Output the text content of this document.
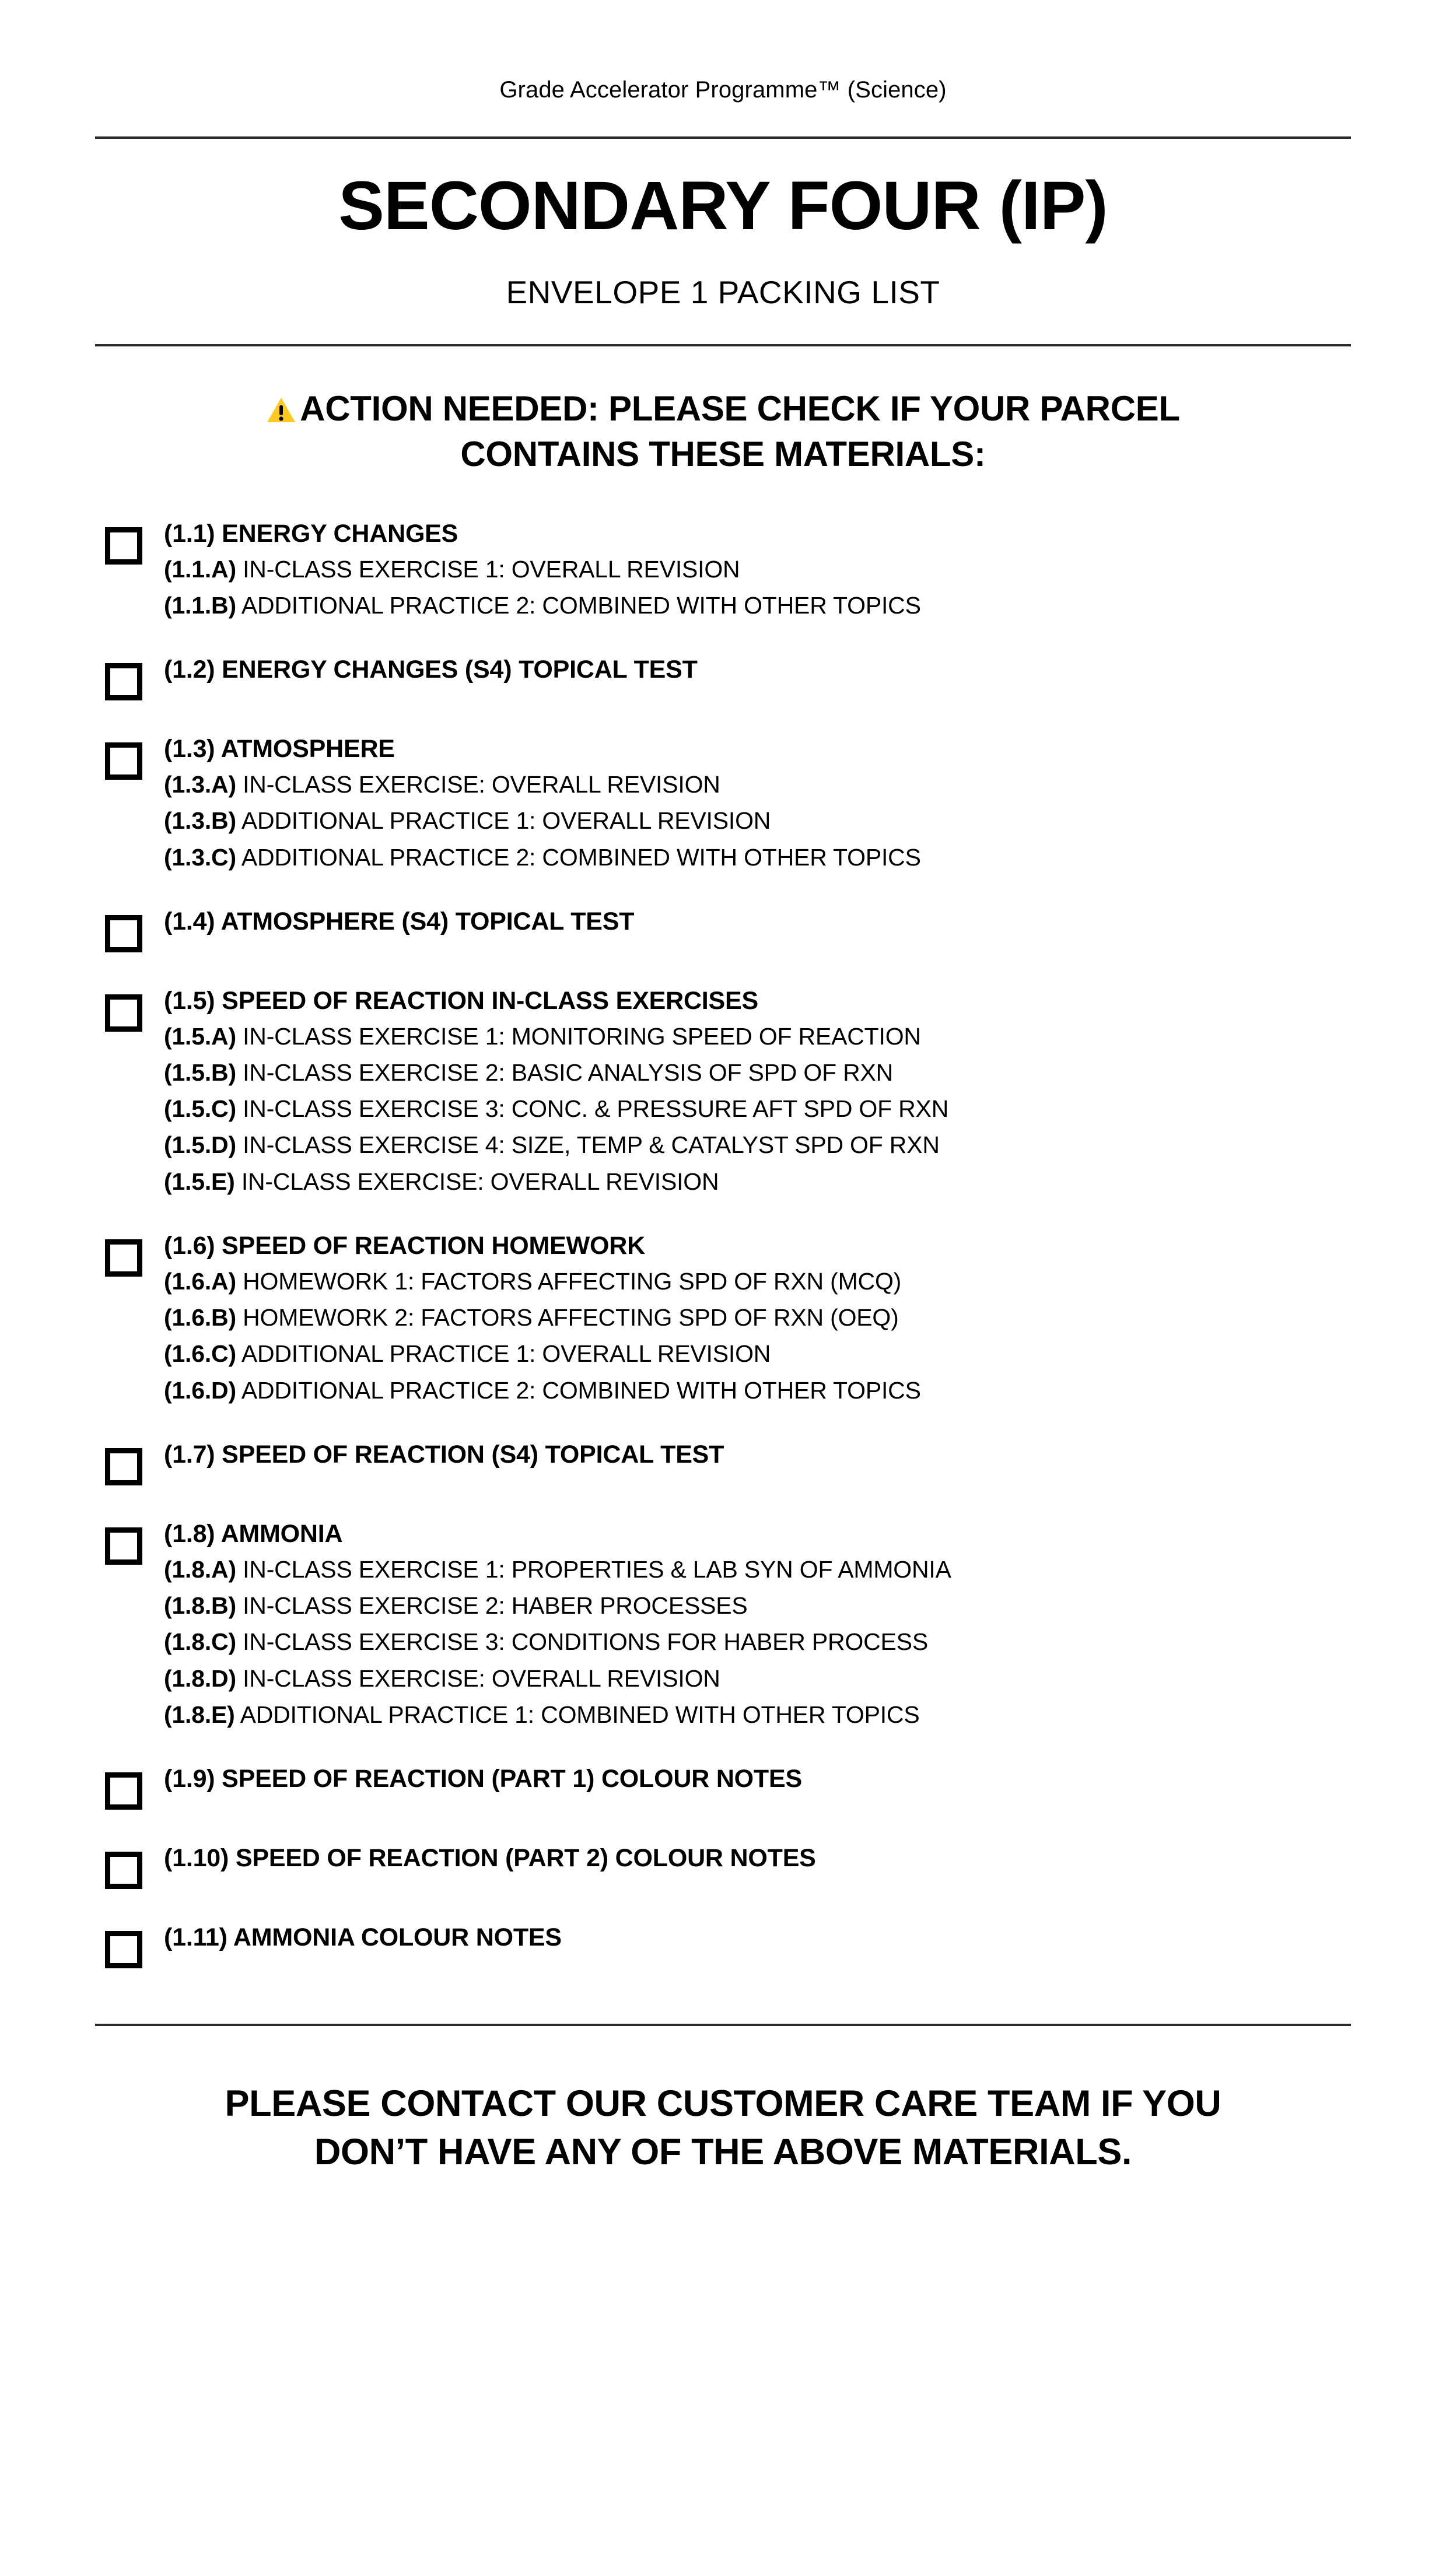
Grade Accelerator Programme™ (Science)
SECONDARY FOUR (IP)
ENVELOPE 1 PACKING LIST
ACTION NEEDED: PLEASE CHECK IF YOUR PARCEL
CONTAINS THESE MATERIALS:
(1.1) ENERGY CHANGES
(1.1.A) IN-CLASS EXERCISE 1: OVERALL REVISION
(1.1.B) ADDITIONAL PRACTICE 2: COMBINED WITH OTHER TOPICS
(1.2) ENERGY CHANGES (S4) TOPICAL TEST
(1.3) ATMOSPHERE
(1.3.A) IN-CLASS EXERCISE: OVERALL REVISION
(1.3.B) ADDITIONAL PRACTICE 1: OVERALL REVISION
(1.3.C) ADDITIONAL PRACTICE 2: COMBINED WITH OTHER TOPICS
(1.4) ATMOSPHERE (S4) TOPICAL TEST
(1.5) SPEED OF REACTION IN-CLASS EXERCISES
(1.5.A) IN-CLASS EXERCISE 1: MONITORING SPEED OF REACTION
(1.5.B) IN-CLASS EXERCISE 2: BASIC ANALYSIS OF SPD OF RXN
(1.5.C) IN-CLASS EXERCISE 3: CONC. & PRESSURE AFT SPD OF RXN
(1.5.D) IN-CLASS EXERCISE 4: SIZE, TEMP & CATALYST SPD OF RXN
(1.5.E) IN-CLASS EXERCISE: OVERALL REVISION
(1.6) SPEED OF REACTION HOMEWORK
(1.6.A) HOMEWORK 1: FACTORS AFFECTING SPD OF RXN (MCQ)
(1.6.B) HOMEWORK 2: FACTORS AFFECTING SPD OF RXN (OEQ)
(1.6.C) ADDITIONAL PRACTICE 1: OVERALL REVISION
(1.6.D) ADDITIONAL PRACTICE 2: COMBINED WITH OTHER TOPICS
(1.7) SPEED OF REACTION (S4) TOPICAL TEST
(1.8) AMMONIA
(1.8.A) IN-CLASS EXERCISE 1: PROPERTIES & LAB SYN OF AMMONIA
(1.8.B) IN-CLASS EXERCISE 2: HABER PROCESSES
(1.8.C) IN-CLASS EXERCISE 3: CONDITIONS FOR HABER PROCESS
(1.8.D) IN-CLASS EXERCISE: OVERALL REVISION
(1.8.E) ADDITIONAL PRACTICE 1: COMBINED WITH OTHER TOPICS
(1.9) SPEED OF REACTION (PART 1) COLOUR NOTES
(1.10) SPEED OF REACTION (PART 2) COLOUR NOTES
(1.11) AMMONIA COLOUR NOTES
PLEASE CONTACT OUR CUSTOMER CARE TEAM IF YOU
DON’T HAVE ANY OF THE ABOVE MATERIALS.
